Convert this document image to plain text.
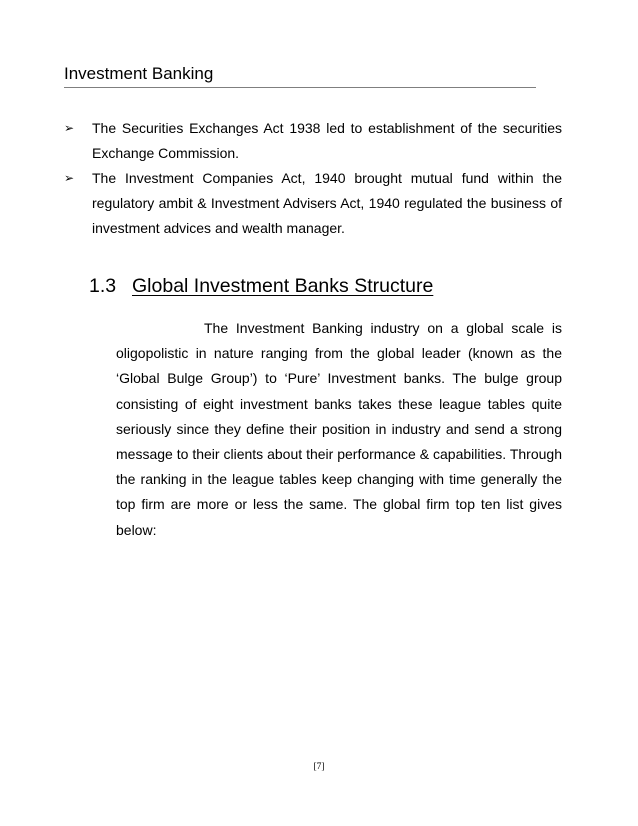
Investment Banking
➢ The Securities Exchanges Act 1938 led to establishment of the securities Exchange Commission.
➢ The Investment Companies Act, 1940 brought mutual fund within the regulatory ambit & Investment Advisers Act, 1940 regulated the business of investment advices and wealth manager.
1.3 Global Investment Banks Structure

The Investment Banking industry on a global scale is oligopolistic in nature ranging from the global leader (known as the ‘Global Bulge Group’) to ‘Pure’ Investment banks. The bulge group consisting of eight investment banks takes these league tables quite seriously since they define their position in industry and send a strong message to their clients about their performance & capabilities. Through the ranking in the league tables keep changing with time generally the top firm are more or less the same. The global firm top ten list gives below:

[7]
